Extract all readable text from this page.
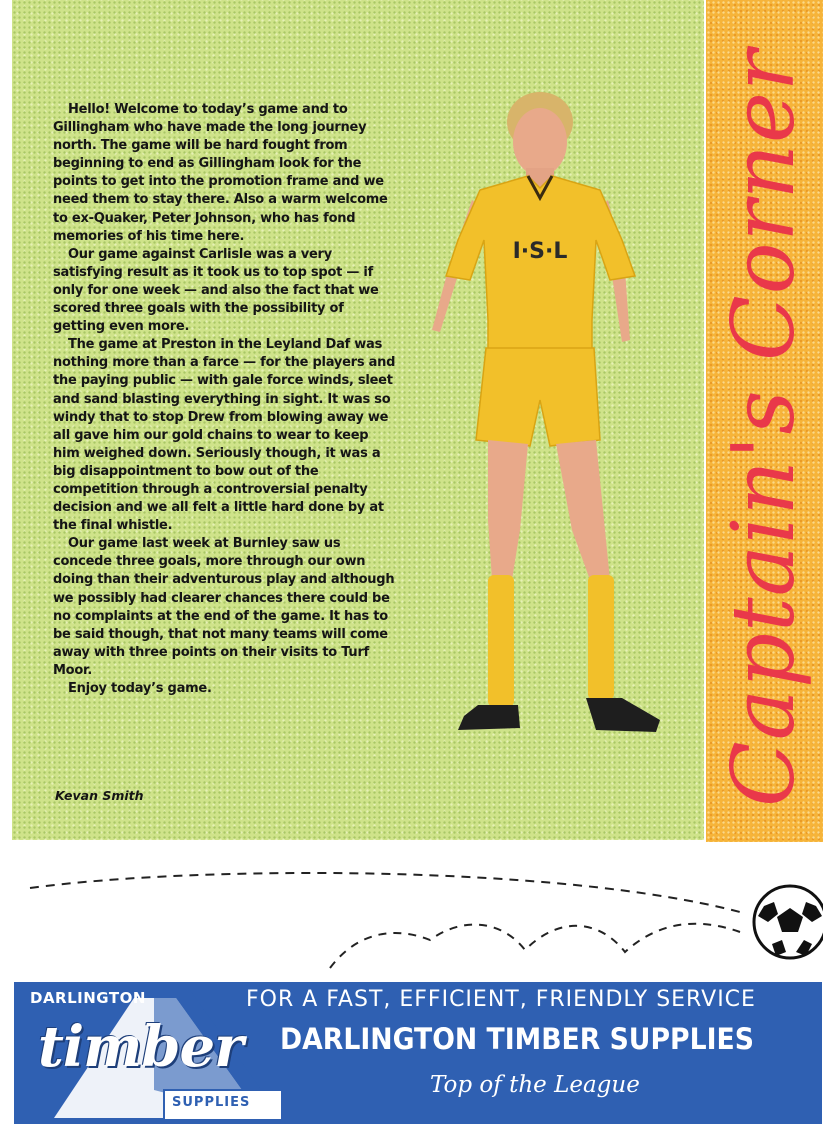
Hello! Welcome to today’s game and to Gillingham who have made the long journey north. The game will be hard fought from beginning to end as Gillingham look for the points to get into the promotion frame and we need them to stay there. Also a warm welcome to ex-Quaker, Peter Johnson, who has fond memories of his time here.

Our game against Carlisle was a very satisfying result as it took us to top spot — if only for one week — and also the fact that we scored three goals with the possibility of getting even more.

The game at Preston in the Leyland Daf was nothing more than a farce — for the players and the paying public — with gale force winds, sleet and sand blasting everything in sight. It was so windy that to stop Drew from blowing away we all gave him our gold chains to wear to keep him weighed down. Seriously though, it was a big disappointment to bow out of the competition through a controversial penalty decision and we all felt a little hard done by at the final whistle.

Our game last week at Burnley saw us concede three goals, more through our own doing than their adventurous play and although we possibly had clearer chances there could be no complaints at the end of the game. It has to be said though, that not many teams will come away with three points on their visits to Turf Moor.

Enjoy today’s game.

Kevan Smith
I·S·L Captain's Corner
DARLINGTON
timber
SUPPLIES
FOR A FAST, EFFICIENT, FRIENDLY SERVICE
DARLINGTON TIMBER SUPPLIES
Top of the League
